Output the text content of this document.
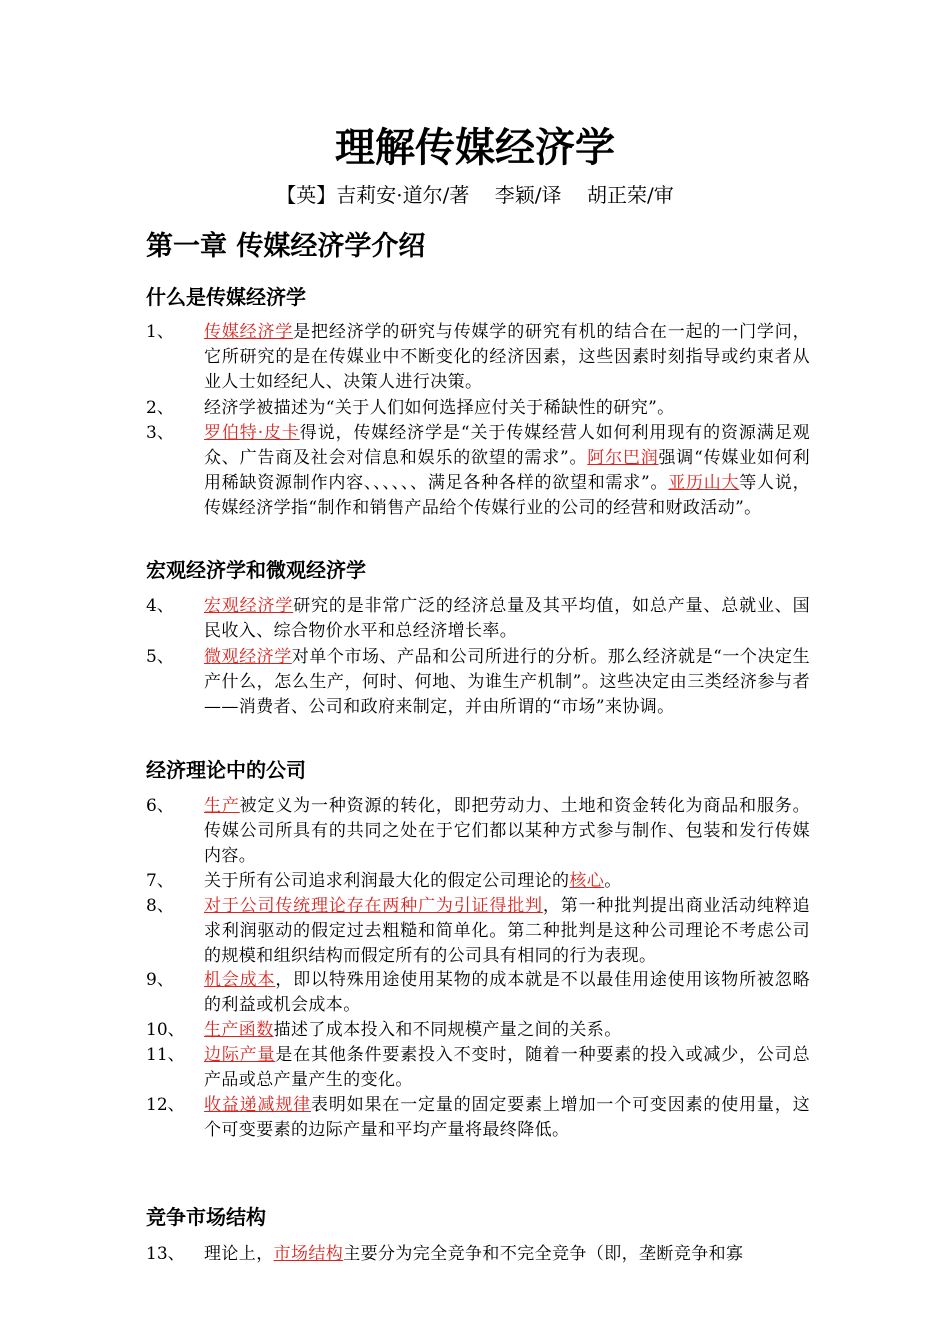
理解传媒经济学
【英】吉莉安·道尔/著    李颖/译    胡正荣/审
第一章 传媒经济学介绍
什么是传媒经济学
1、 传媒经济学是把经济学的研究与传媒学的研究有机的结合在一起的一门学问，它所研究的是在传媒业中不断变化的经济因素，这些因素时刻指导或约束者从业人士如经纪人、决策人进行决策。
2、 经济学被描述为“关于人们如何选择应付关于稀缺性的研究”。
3、 罗伯特·皮卡得说，传媒经济学是“关于传媒经营人如何利用现有的资源满足观众、广告商及社会对信息和娱乐的欲望的需求”。阿尔巴润强调“传媒业如何利用稀缺资源制作内容、、、、、、满足各种各样的欲望和需求”。亚历山大等人说，传媒经济学指“制作和销售产品给个传媒行业的公司的经营和财政活动”。
宏观经济学和微观经济学
4、 宏观经济学研究的是非常广泛的经济总量及其平均值，如总产量、总就业、国民收入、综合物价水平和总经济增长率。
5、 微观经济学对单个市场、产品和公司所进行的分析。那么经济就是“一个决定生产什么，怎么生产，何时、何地、为谁生产机制”。这些决定由三类经济参与者——消费者、公司和政府来制定，并由所谓的“市场”来协调。
经济理论中的公司
6、 生产被定义为一种资源的转化，即把劳动力、土地和资金转化为商品和服务。传媒公司所具有的共同之处在于它们都以某种方式参与制作、包装和发行传媒内容。
7、 关于所有公司追求利润最大化的假定公司理论的核心。
8、 对于公司传统理论存在两种广为引证得批判，第一种批判提出商业活动纯粹追求利润驱动的假定过去粗糙和简单化。第二种批判是这种公司理论不考虑公司的规模和组织结构而假定所有的公司具有相同的行为表现。
9、 机会成本，即以特殊用途使用某物的成本就是不以最佳用途使用该物所被忽略的利益或机会成本。
10、 生产函数描述了成本投入和不同规模产量之间的关系。
11、 边际产量是在其他条件要素投入不变时，随着一种要素的投入或减少，公司总产品或总产量产生的变化。
12、 收益递减规律表明如果在一定量的固定要素上增加一个可变因素的使用量，这个可变要素的边际产量和平均产量将最终降低。
竞争市场结构
13、 理论上，市场结构主要分为完全竞争和不完全竞争（即，垄断竞争和寡
